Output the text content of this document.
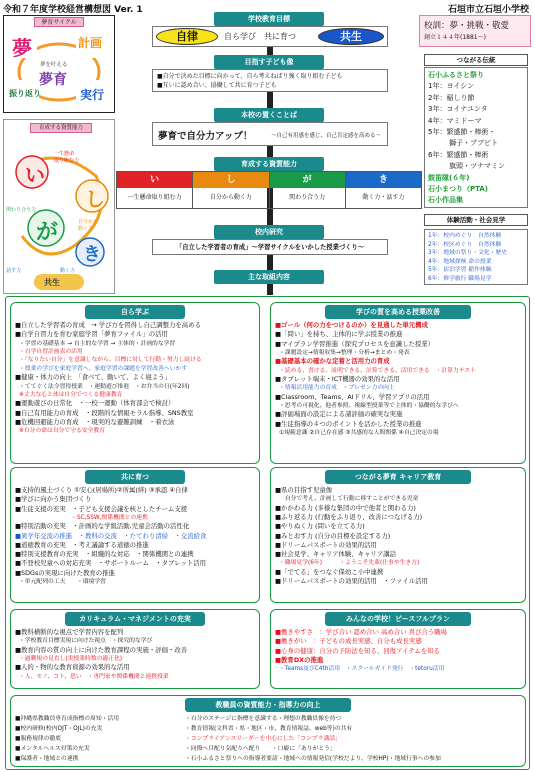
令和７年度学校経営構想図 Ver. 1	石垣市立石垣小学校
夢育サイクル
夢	計画
夢を叶える
夢育
振り返り	実行
育成する資質能力
い
し
が
き
一生懸命
取り組む力
自分から
動く力
関わり合う力
動く力
話す力
共生
校訓：夢・挑戦・敬愛
創立１４４年(1881～)
つながる伝統
石小ふるさと祭り
1年：ヨイシン
2年：稲しり節
3年：コイナユンタ
4年：マミドーマ
5年：繁盛節・棒術・
　　　獅子・ブブビト
6年：繁盛節・棒術
　　　旗頭・ツナマミン
鼓笛隊(６年)
石小まつり（PTA)
石小作品集
体験活動・社会見学
1年：校内めぐり　自然体験
2年：校区めぐり　自然体験
3年：地域の祭り・文化・歴史
4年：地域探検 命の授業
5年：宿泊学習 稲作体験
6年：修学旅行 職場見学
学校教育目標
自律	自ら学び　共に育つ	共生
目指す子ども像
■自分で決めた目標に向かって、自ら考えねばり強く取り組む子ども
■互いに認め合い、協働して共に育つ子ども
本校の置くことば
夢育で自分力アップ！	～自己有用感を感じ、自己肯定感を高める～
育成する資質能力
い
一生懸命取り組む力
し
自分から動く力
が
関わり合う力
き
動く力・話す力
校内研究
「自立した学習者の育成」～学習サイクルをいかした授業づくり～
主な取組内容
自ら学ぶ
■自立した学習者の育成　→ 学び方を習得し自己調整力を高める
■自学自習力を育む家庭学習「夢育ファイル」の活用
・学習の基礎基本 → 自主的な学習 → 主体的・計画的な学習
・自学自習計画表の活用
・「なりたい自分」を意識しながら、目標に対して行動・努力し続ける
・授業の学びを家庭学習へ、家庭学習の課題を学習改善へいかす
■健康・体力の向上　「食べて、動いて、よく寝よう」
・ててぐく法令習得授業　・運動遊び推進　・お弁当の日(年2回)
※丈夫な心と体は自分でつくる健康教育
■運動遊びの日常化　・一校一運動（体育部会で検討）
■自己有用能力の育成　・段階的な情報モラル指導、SNS教室
■危機回避能力の育成　・現実的な避難訓練　・着衣泳
※自分の命は自分で守る安全教育
学びの質を高める授業改善
■ゴール（何の力をつけるのか）を見通した単元構成
■「問い」を持ち、主体的に学ぶ授業の推進
■マイプラン学習推進（探究プロセスを意識した授業）
・課題設定→情報収集→整理・分析→まとめ・発表
■基礎基本の確かな定着と活用力の育成
・読める、書ける、説明できる、計算できる、活用できる　・計算力テスト
■タブレット端末・ICT機器の効果的な活用
・情報活用能力の育成　・プレゼン力の向上
■Classroom、Teams、AIドリル、学習アプリの活用
・思考の可視化、他者参照、複線型授業等で主体的・協働的な学びへ
■評価場面の設定による諸評価の確実な実施
■生徒指導の４つのポイントを活かした授業の推進
①規範意識 ②自己存在感 ③共感的な人間関係 ④自己決定の場
共に育つ
■支持的風土づくり ①安心(居場所)②所属(絆) ③承認 ④自律
■学びに向かう集団づくり
■生徒支援の充実　・子ども支援会議を核としたチーム支援
　　　　　　　　　・SC,SSW,関係機関との連携
■特別活動の充実　・計画的な学級活動,児童会活動の活性化
■異学年交流の推進　・教科の交流　・たてわり清掃　・交流給食
■道徳教育の充実　・考え議論する道徳の推進
■特別支援教育の充実　・組織的な対応　・関係機関との連携
■不登校児童への対応充実　・サポートルーム　・タブレット活用
■SDGsの実現に向けた教育の推進
・単元配列の工夫　　・環境学習
つながる夢育 キャリア教育
■県の目指す児童像
　自分で考え、計画して行動に移すことができる児童
■かかわる力 (多様な集団の中で他者と関わる力)
■ふり返る力 (行動をふり返り、改善につなげる力)
■やりぬく力 (問いを立てる力)
■みとおす力 (自分の目標を設定する力)
■ドリームパスポートの効果的活用
■社会見学、キャリア体験、キャリア講話
・職場見学(6年)　　　・ようこそ先輩(仕事や生き方)
■「でてる」をつなぐ保幼こ小中連携
■ドリームパスポートの効果的活用　・ファイル活用
カリキュラム・マネジメントの充実
■教科横断的な視点で学習内容を配列
・学校教育目標実現に向けた視点　・探究的な学び
■教育内容の質の向上に向けた教育課程の実施・評価・改善
・過剰規の見直し(実授業時数の適正化)
■人的・物的な教育資源の効果的な活用
・人、モノ、コト、思い　・専門家や関係機関と連携授業
みんなの学校！ピースフルプラン
■働きやすさ　：学び合い 認め合い 高め合い 喜び合う職場
■働きがい　：子どもの成長実感、自分も成長実感
■心身の健康：自分の予防法を知る、回復アイテムを知る
■教育DXの推進
・Teams及びC4th活用　・スクールガイド発行　・tetoru活用
教職員の資質能力・指導力の向上
■沖縄県教職員専育成指標の周知・活用
■校内研修(校内OJT・OJL)の充実
■服務規律の徹底
■メンタルヘルス対策の充実
■保護者・地域との連携
・自分のステージに指標を意識する・理想の教職員像を持つ
・教育情報(文科省・県・地区・市、教育情報誌、web等)の共有
・コンプライアンスリーダーを中心にした「コンプラ講話」
・同僚へ目配り気配りへ配り　　・口癖に「ありがとう」
・石小ふるさと祭りへの指導者要請・地域への情報発信(学校だより、学校HP)・地域行事への参加
